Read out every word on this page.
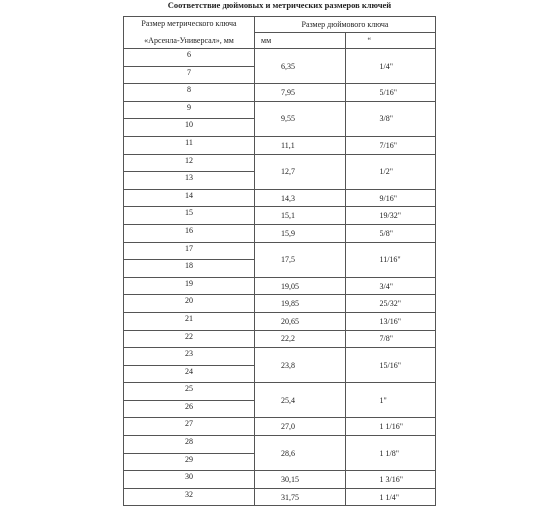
Соответствие дюймовых и метрических размеров ключей
Размер метрического ключа
«Арсенла-Универсал», мм	Размер дюймового ключа	
	мм	“
6	6,35	1/4"
7		
8	7,95	5/16"
9	9,55	3/8"
10		
11	11,1	7/16"
12	12,7	1/2"
13		
14	14,3	9/16"
15	15,1	19/32"
16	15,9	5/8"
17	17,5	11/16"
18		
19	19,05	3/4"
20	19,85	25/32"
21	20,65	13/16"
22	22,2	7/8"
23	23,8	15/16"
24		
25	25,4	1"
26		
27	27,0	1 1/16"
28	28,6	1 1/8"
29		
30	30,15	1 3/16"
32	31,75	1 1/4"
